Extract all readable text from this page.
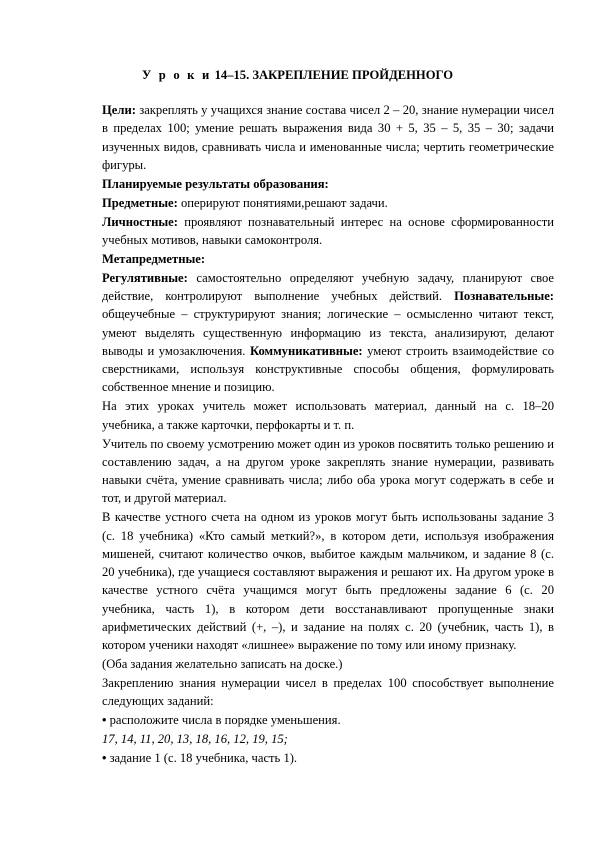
У р о к и 14–15. ЗАКРЕПЛЕНИЕ ПРОЙДЕННОГО

Цели: закреплять у учащихся знание состава чисел 2 – 20, знание нумерации чисел в пределах 100; умение решать выражения вида 30 + 5, 35 – 5, 35 – 30; задачи изученных видов, сравнивать числа и именованные числа; чертить геометрические фигуры.

Планируемые результаты образования:

Предметные: оперируют понятиями,решают задачи.

Личностные: проявляют познавательный интерес на основе сформированности учебных мотивов, навыки самоконтроля.

Метапредметные:

Регулятивные: самостоятельно определяют учебную задачу, планируют свое действие, контролируют выполнение учебных действий. Познавательные: общеучебные – структурируют знания; логические – осмысленно читают текст, умеют выделять существенную информацию из текста, анализируют, делают выводы и умозаключения. Коммуникативные: умеют строить взаимодействие со сверстниками, используя конструктивные способы общения, формулировать собственное мнение и позицию.

На этих уроках учитель может использовать материал, данный на с. 18–20 учебника, а также карточки, перфокарты и т. п.

Учитель по своему усмотрению может один из уроков посвятить только решению и составлению задач, а на другом уроке закреплять знание нумерации, развивать навыки счёта, умение сравнивать числа; либо оба урока могут содержать в себе и тот, и другой материал.

В качестве устного счета на одном из уроков могут быть использованы задание 3 (с. 18 учебника) «Кто самый меткий?», в котором дети, используя изображения мишеней, считают количество очков, выбитое каждым мальчиком, и задание 8 (с. 20 учебника), где учащиеся составляют выражения и решают их. На другом уроке в качестве устного счёта учащимся могут быть предложены задание 6 (с. 20 учебника, часть 1), в котором дети восстанавливают пропущенные знаки арифметических действий (+, –), и задание на полях с. 20 (учебник, часть 1), в котором ученики находят «лишнее» выражение по тому или иному признаку.

(Оба задания желательно записать на доске.)

Закреплению знания нумерации чисел в пределах 100 способствует выполнение следующих заданий:

• расположите числа в порядке уменьшения.

17, 14, 11, 20, 13, 18, 16, 12, 19, 15;

• задание 1 (с. 18 учебника, часть 1).
